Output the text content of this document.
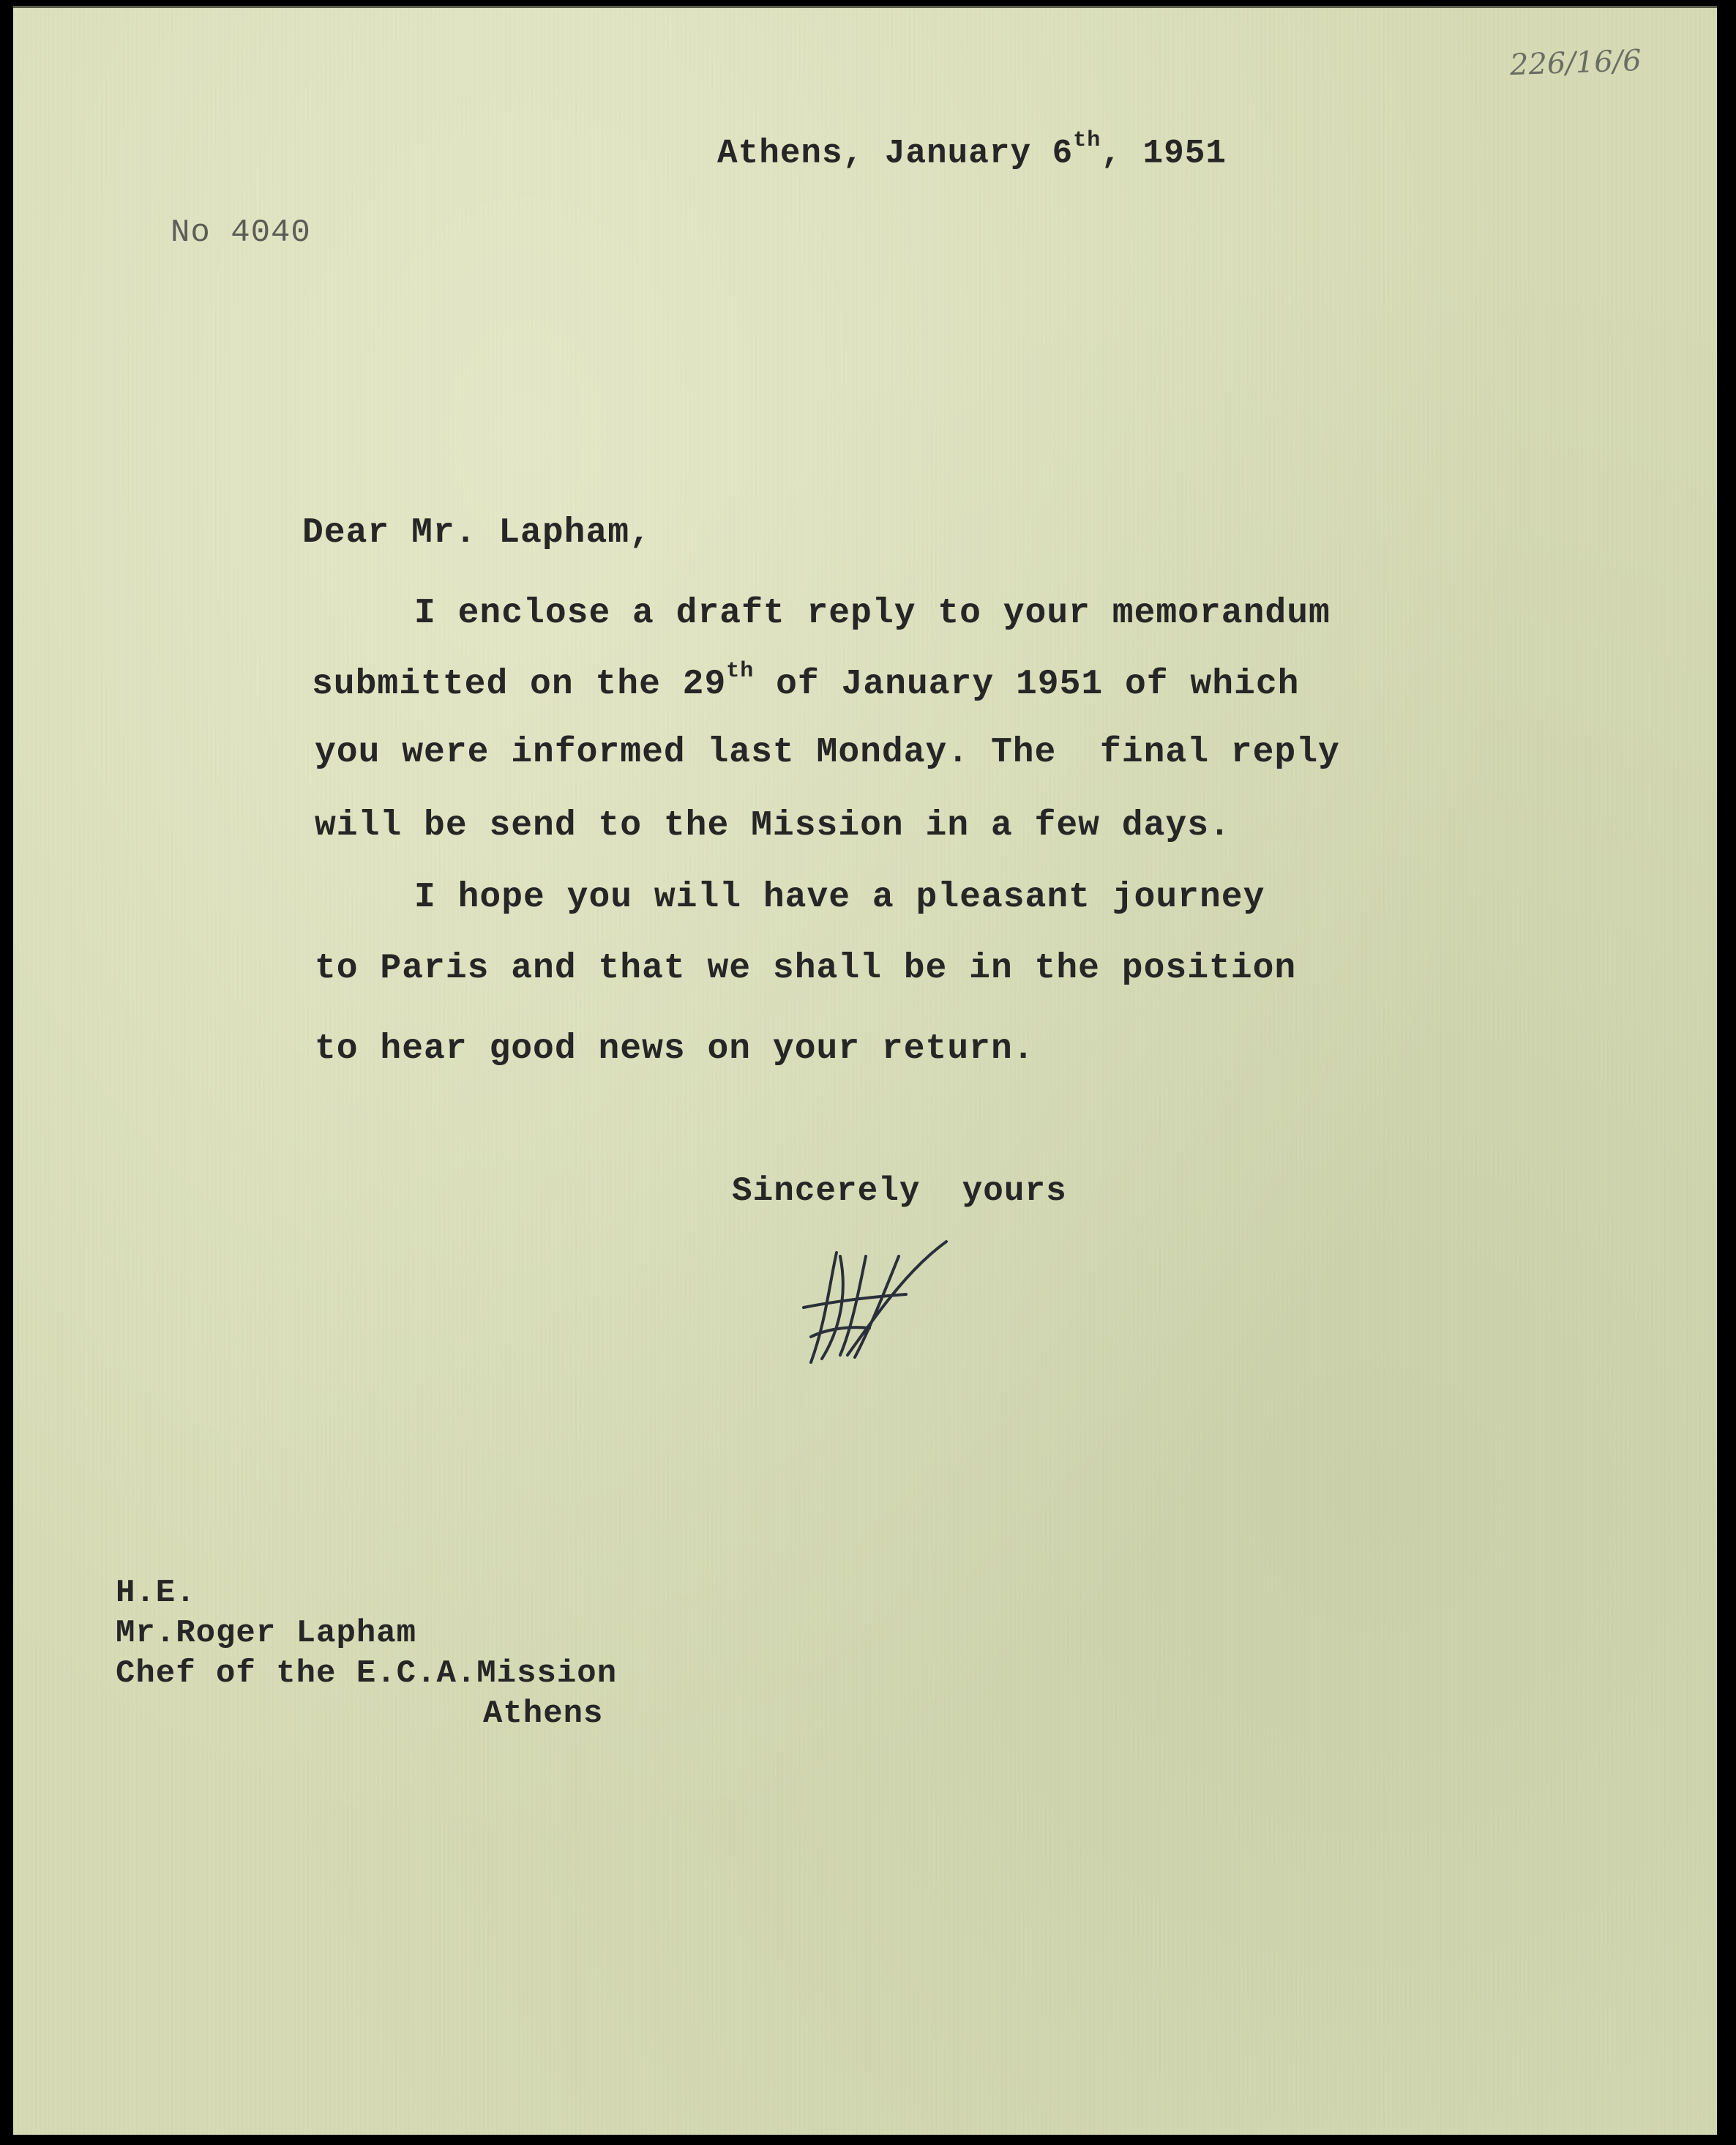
226/16/6
Athens, January 6th, 1951
No 4040
Dear Mr. Lapham,
I enclose a draft reply to your memorandum
submitted on the 29th of January 1951 of which
you were informed last Monday. The  final reply
will be send to the Mission in a few days.
I hope you will have a pleasant journey
to Paris and that we shall be in the position
to hear good news on your return.
Sincerely  yours
H.E.
Mr.Roger Lapham
Chef of the E.C.A.Mission
Athens
